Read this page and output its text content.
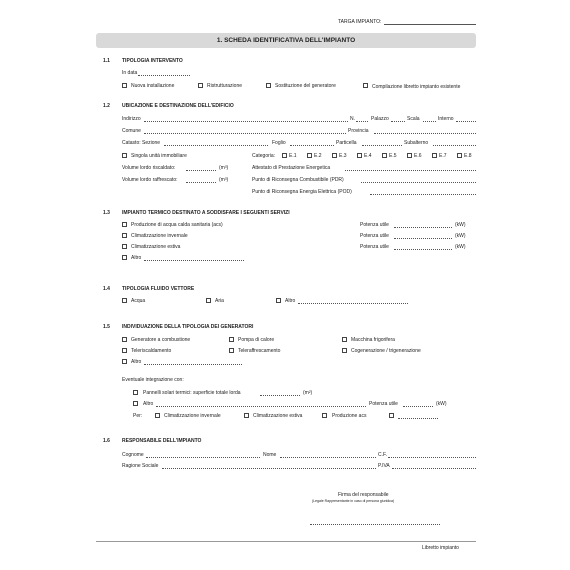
TARGA IMPIANTO:
1. SCHEDA IDENTIFICATIVA DELL'IMPIANTO
1.1 TIPOLOGIA INTERVENTO
In data
Nuova installazione	Ristrutturazione	Sostituzione del generatore	Compilazione libretto impianto esistente
1.2 UBICAZIONE E DESTINAZIONE DELL'EDIFICIO
Indirizzo	N.	Palazzo	Scala	Interno
Comune	Provincia
Catasto: Sezione	Foglio	Particella	Subalterno
Singola unità immobiliare	Categoria:	E.1	E.2	E.3	E.4	E.5	E.6	E.7	E.8
Volume lordo riscaldato:	(m³)	Attestato di Prestazione Energetica
Volume lordo raffrescato:	(m³)	Punto di Riconsegna Combustibile (PDR)
Punto di Riconsegna Energia Elettrica (POD)
1.3 IMPIANTO TERMICO DESTINATO A SODDISFARE I SEGUENTI SERVIZI
Produzione di acqua calda sanitaria (acs)	Potenza utile	(kW)
Climatizzazione invernale	Potenza utile	(kW)
Climatizzazione estiva	Potenza utile	(kW)
Altro
1.4 TIPOLOGIA FLUIDO VETTORE
Acqua	Aria	Altro
1.5 INDIVIDUAZIONE DELLA TIPOLOGIA DEI GENERATORI
Generatore a combustione	Pompa di calore	Macchina frigorifera
Teleriscaldamento	Teleraffrescamento	Cogenerazione / trigenerazione
Altro
Eventuale integrazione con:
Pannelli solari termici: superficie totale lorda	(m²)
Altro	Potenza utile	(kW)
Per:	Climatizzazione invernale	Climatizzazione estiva	Produzione acs
1.6 RESPONSABILE DELL'IMPIANTO
Cognome	Nome	C.F.
Ragione Sociale	P.IVA
Firma del responsabile
(Legale Rappresentante in caso di persona giuridica)
Libretto impianto
